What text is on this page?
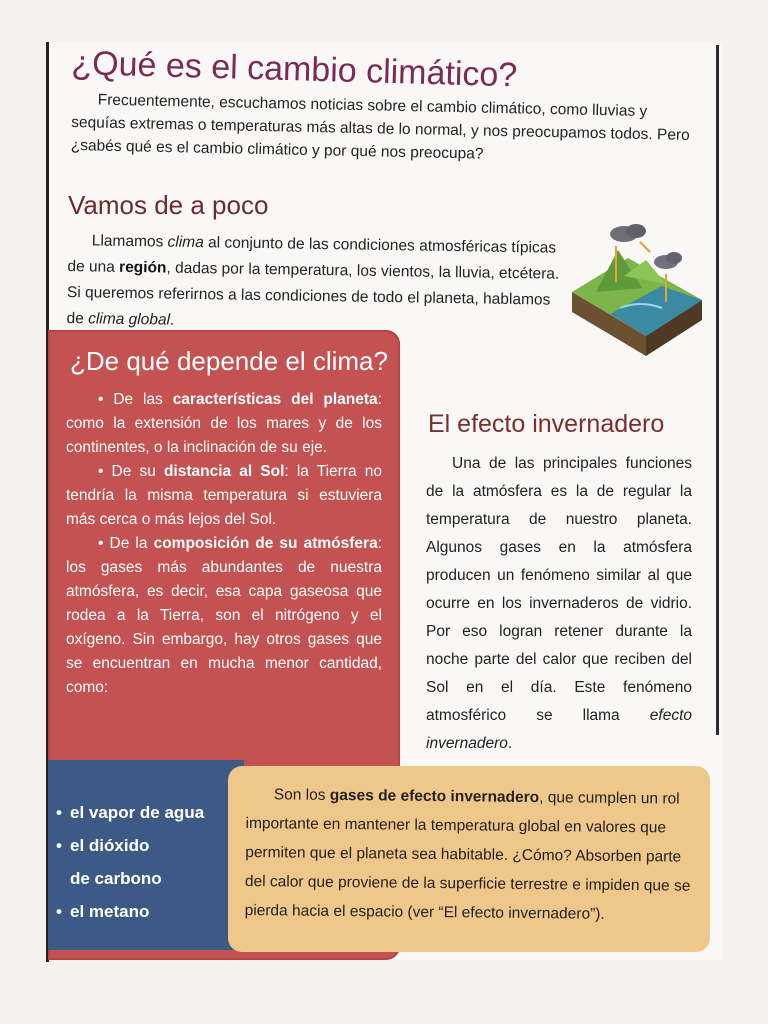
¿Qué es el cambio climático?

Frecuentemente, escuchamos noticias sobre el cambio climático, como lluvias y sequías extremas o temperaturas más altas de lo normal, y nos preocupamos todos. Pero ¿sabés qué es el cambio climático y por qué nos preocupa?

Vamos de a poco

Llamamos clima al conjunto de las condiciones atmosféricas típicas de una región, dadas por la temperatura, los vientos, la lluvia, etcétera. Si queremos referirnos a las condiciones de todo el planeta, hablamos de clima global.

¿De qué depende el clima?

• De las características del planeta: como la extensión de los mares y de los continentes, o la inclinación de su eje.

• De su distancia al Sol: la Tierra no tendría la misma temperatura si estuviera más cerca o más lejos del Sol.

• De la composición de su atmósfera: los gases más abundantes de nuestra atmósfera, es decir, esa capa gaseosa que rodea a la Tierra, son el nitrógeno y el oxígeno. Sin embargo, hay otros gases que se encuentran en mucha menor cantidad, como:

El efecto invernadero

Una de las principales funciones de la atmósfera es la de regular la temperatura de nuestro planeta. Algunos gases en la atmósfera producen un fenómeno similar al que ocurre en los invernaderos de vidrio. Por eso logran retener durante la noche parte del calor que reciben del Sol en el día. Este fenómeno atmosférico se llama efecto invernadero.

• el vapor de agua
• el dióxido
de carbono
• el metano

Son los gases de efecto invernadero, que cumplen un rol importante en mantener la temperatura global en valores que permiten que el planeta sea habitable. ¿Cómo? Absorben parte del calor que proviene de la superficie terrestre e impiden que se pierda hacia el espacio (ver “El efecto invernadero”).
